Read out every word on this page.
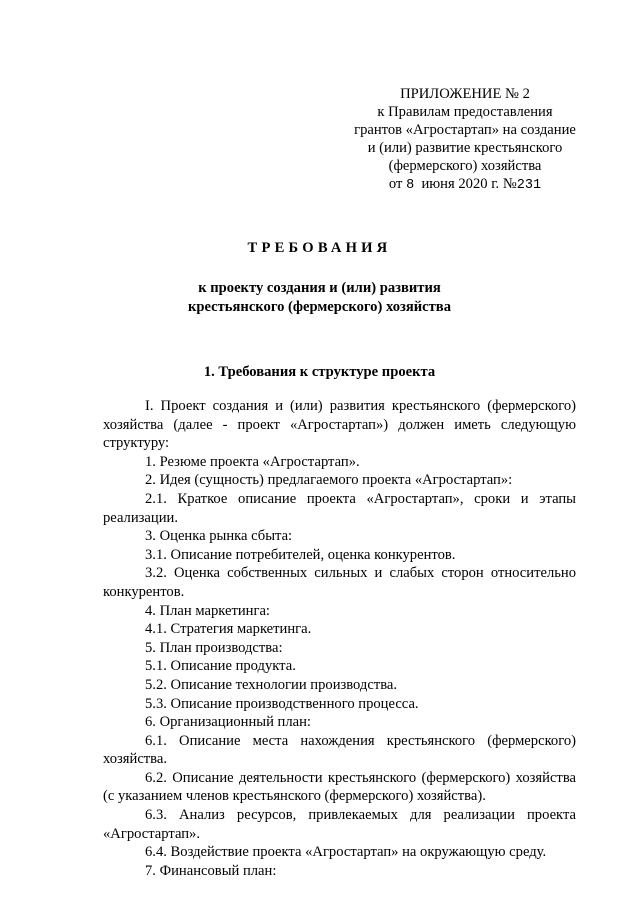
ПРИЛОЖЕНИЕ № 2
к Правилам предоставления
грантов «Агростартап» на создание
и (или) развитие крестьянского
(фермерского) хозяйства
от 8  июня 2020 г. №231
ТРЕБОВАНИЯ
к проекту создания и (или) развития
крестьянского (фермерского) хозяйства
1. Требования к структуре проекта

I. Проект создания и (или) развития крестьянского (фермерского) хозяйства (далее - проект «Агростартап») должен иметь следующую структуру:

1. Резюме проекта «Агростартап».

2. Идея (сущность) предлагаемого проекта «Агростартап»:

2.1. Краткое описание проекта «Агростартап», сроки и этапы реализации.

3. Оценка рынка сбыта:

3.1. Описание потребителей, оценка конкурентов.

3.2. Оценка собственных сильных и слабых сторон относительно конкурентов.

4. План маркетинга:

4.1. Стратегия маркетинга.

5. План производства:

5.1. Описание продукта.

5.2. Описание технологии производства.

5.3. Описание производственного процесса.

6. Организационный план:

6.1. Описание места нахождения крестьянского (фермерского) хозяйства.

6.2. Описание деятельности крестьянского (фермерского) хозяйства (с указанием членов крестьянского (фермерского) хозяйства).

6.3. Анализ ресурсов, привлекаемых для реализации проекта «Агростартап».

6.4. Воздействие проекта «Агростартап» на окружающую среду.

7. Финансовый план:
